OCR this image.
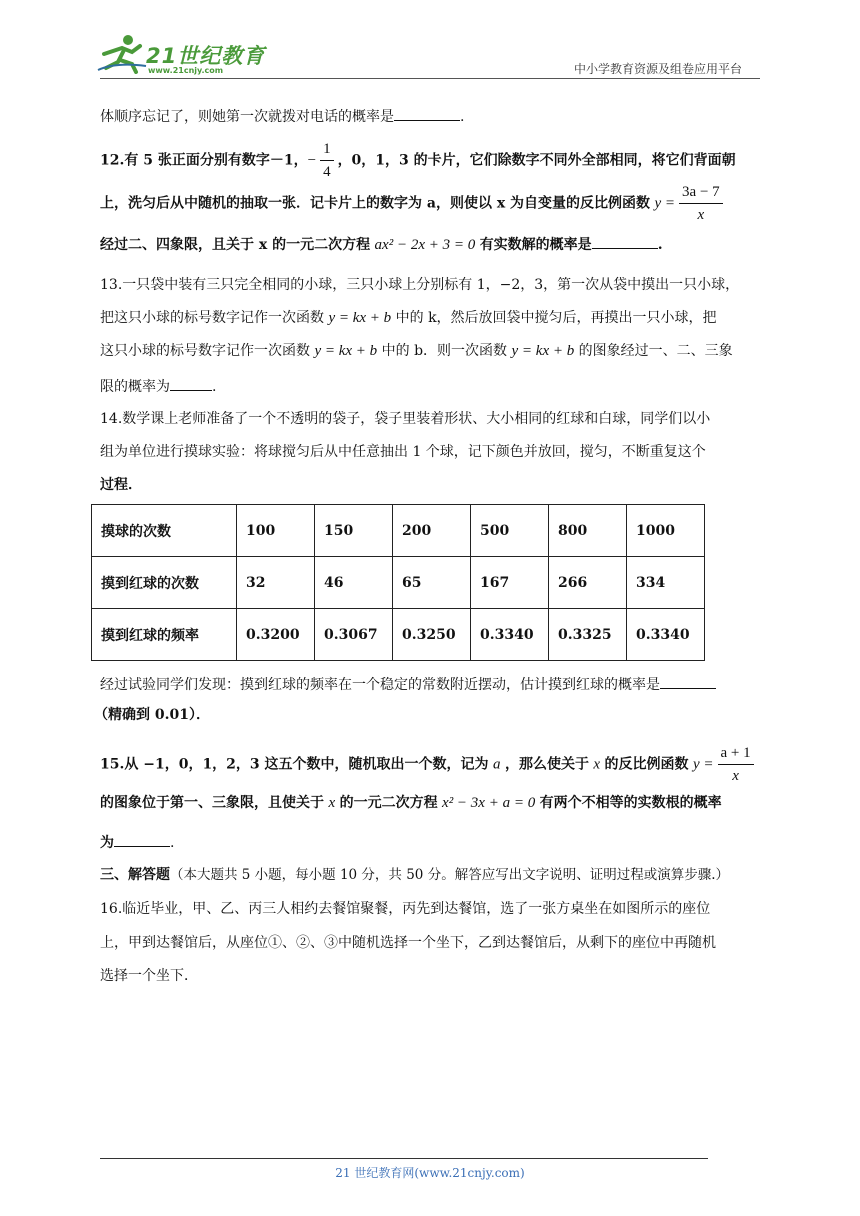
21世纪教育
www.21cnjy.com	中小学教育资源及组卷应用平台
体顺序忘记了，则她第一次就拨对电话的概率是	.
12.有 5 张正面分别有数字－1，− $\frac{1}{4}$ ，0，1，3 的卡片，它们除数字不同外全部相同，将它们背面朝
上，洗匀后从中随机的抽取一张．记卡片上的数字为 a，则使以 x 为自变量的反比例函数 $y = \frac{3a - 7}{x}$
经过二、四象限，且关于 x 的一元二次方程 ax² − 2x + 3 = 0 有实数解的概率是	.
13.一只袋中装有三只完全相同的小球，三只小球上分别标有 1，−2，3，第一次从袋中摸出一只小球，
把这只小球的标号数字记作一次函数 y = kx + b 中的 k，然后放回袋中搅匀后，再摸出一只小球，把
这只小球的标号数字记作一次函数 y = kx + b 中的 b．则一次函数 y = kx + b 的图象经过一、二、三象
限的概率为	.
14.数学课上老师准备了一个不透明的袋子，袋子里装着形状、大小相同的红球和白球，同学们以小
组为单位进行摸球实验：将球搅匀后从中任意抽出 1 个球，记下颜色并放回，搅匀，不断重复这个
过程．
摸球的次数	100	150	200	500	800	1000
摸到红球的次数	32	46	65	167	266	334
摸到红球的频率	0.3200	0.3067	0.3250	0.3340	0.3325	0.3340
经过试验同学们发现：摸到红球的频率在一个稳定的常数附近摆动，估计摸到红球的概率是
（精确到 0.01）．
15.从 −1，0，1，2，3 这五个数中，随机取出一个数，记为 a ，那么使关于 x 的反比例函数 $y = \frac{a + 1}{x}$
的图象位于第一、三象限，且使关于 x 的一元二次方程 x² − 3x + a = 0 有两个不相等的实数根的概率
为	.
三、解答题（本大题共 5 小题，每小题 10 分，共 50 分。解答应写出文字说明、证明过程或演算步骤.）
16.临近毕业，甲、乙、丙三人相约去餐馆聚餐，丙先到达餐馆，选了一张方桌坐在如图所示的座位
上，甲到达餐馆后，从座位①、②、③中随机选择一个坐下，乙到达餐馆后，从剩下的座位中再随机
选择一个坐下．
21 世纪教育网(www.21cnjy.com)
